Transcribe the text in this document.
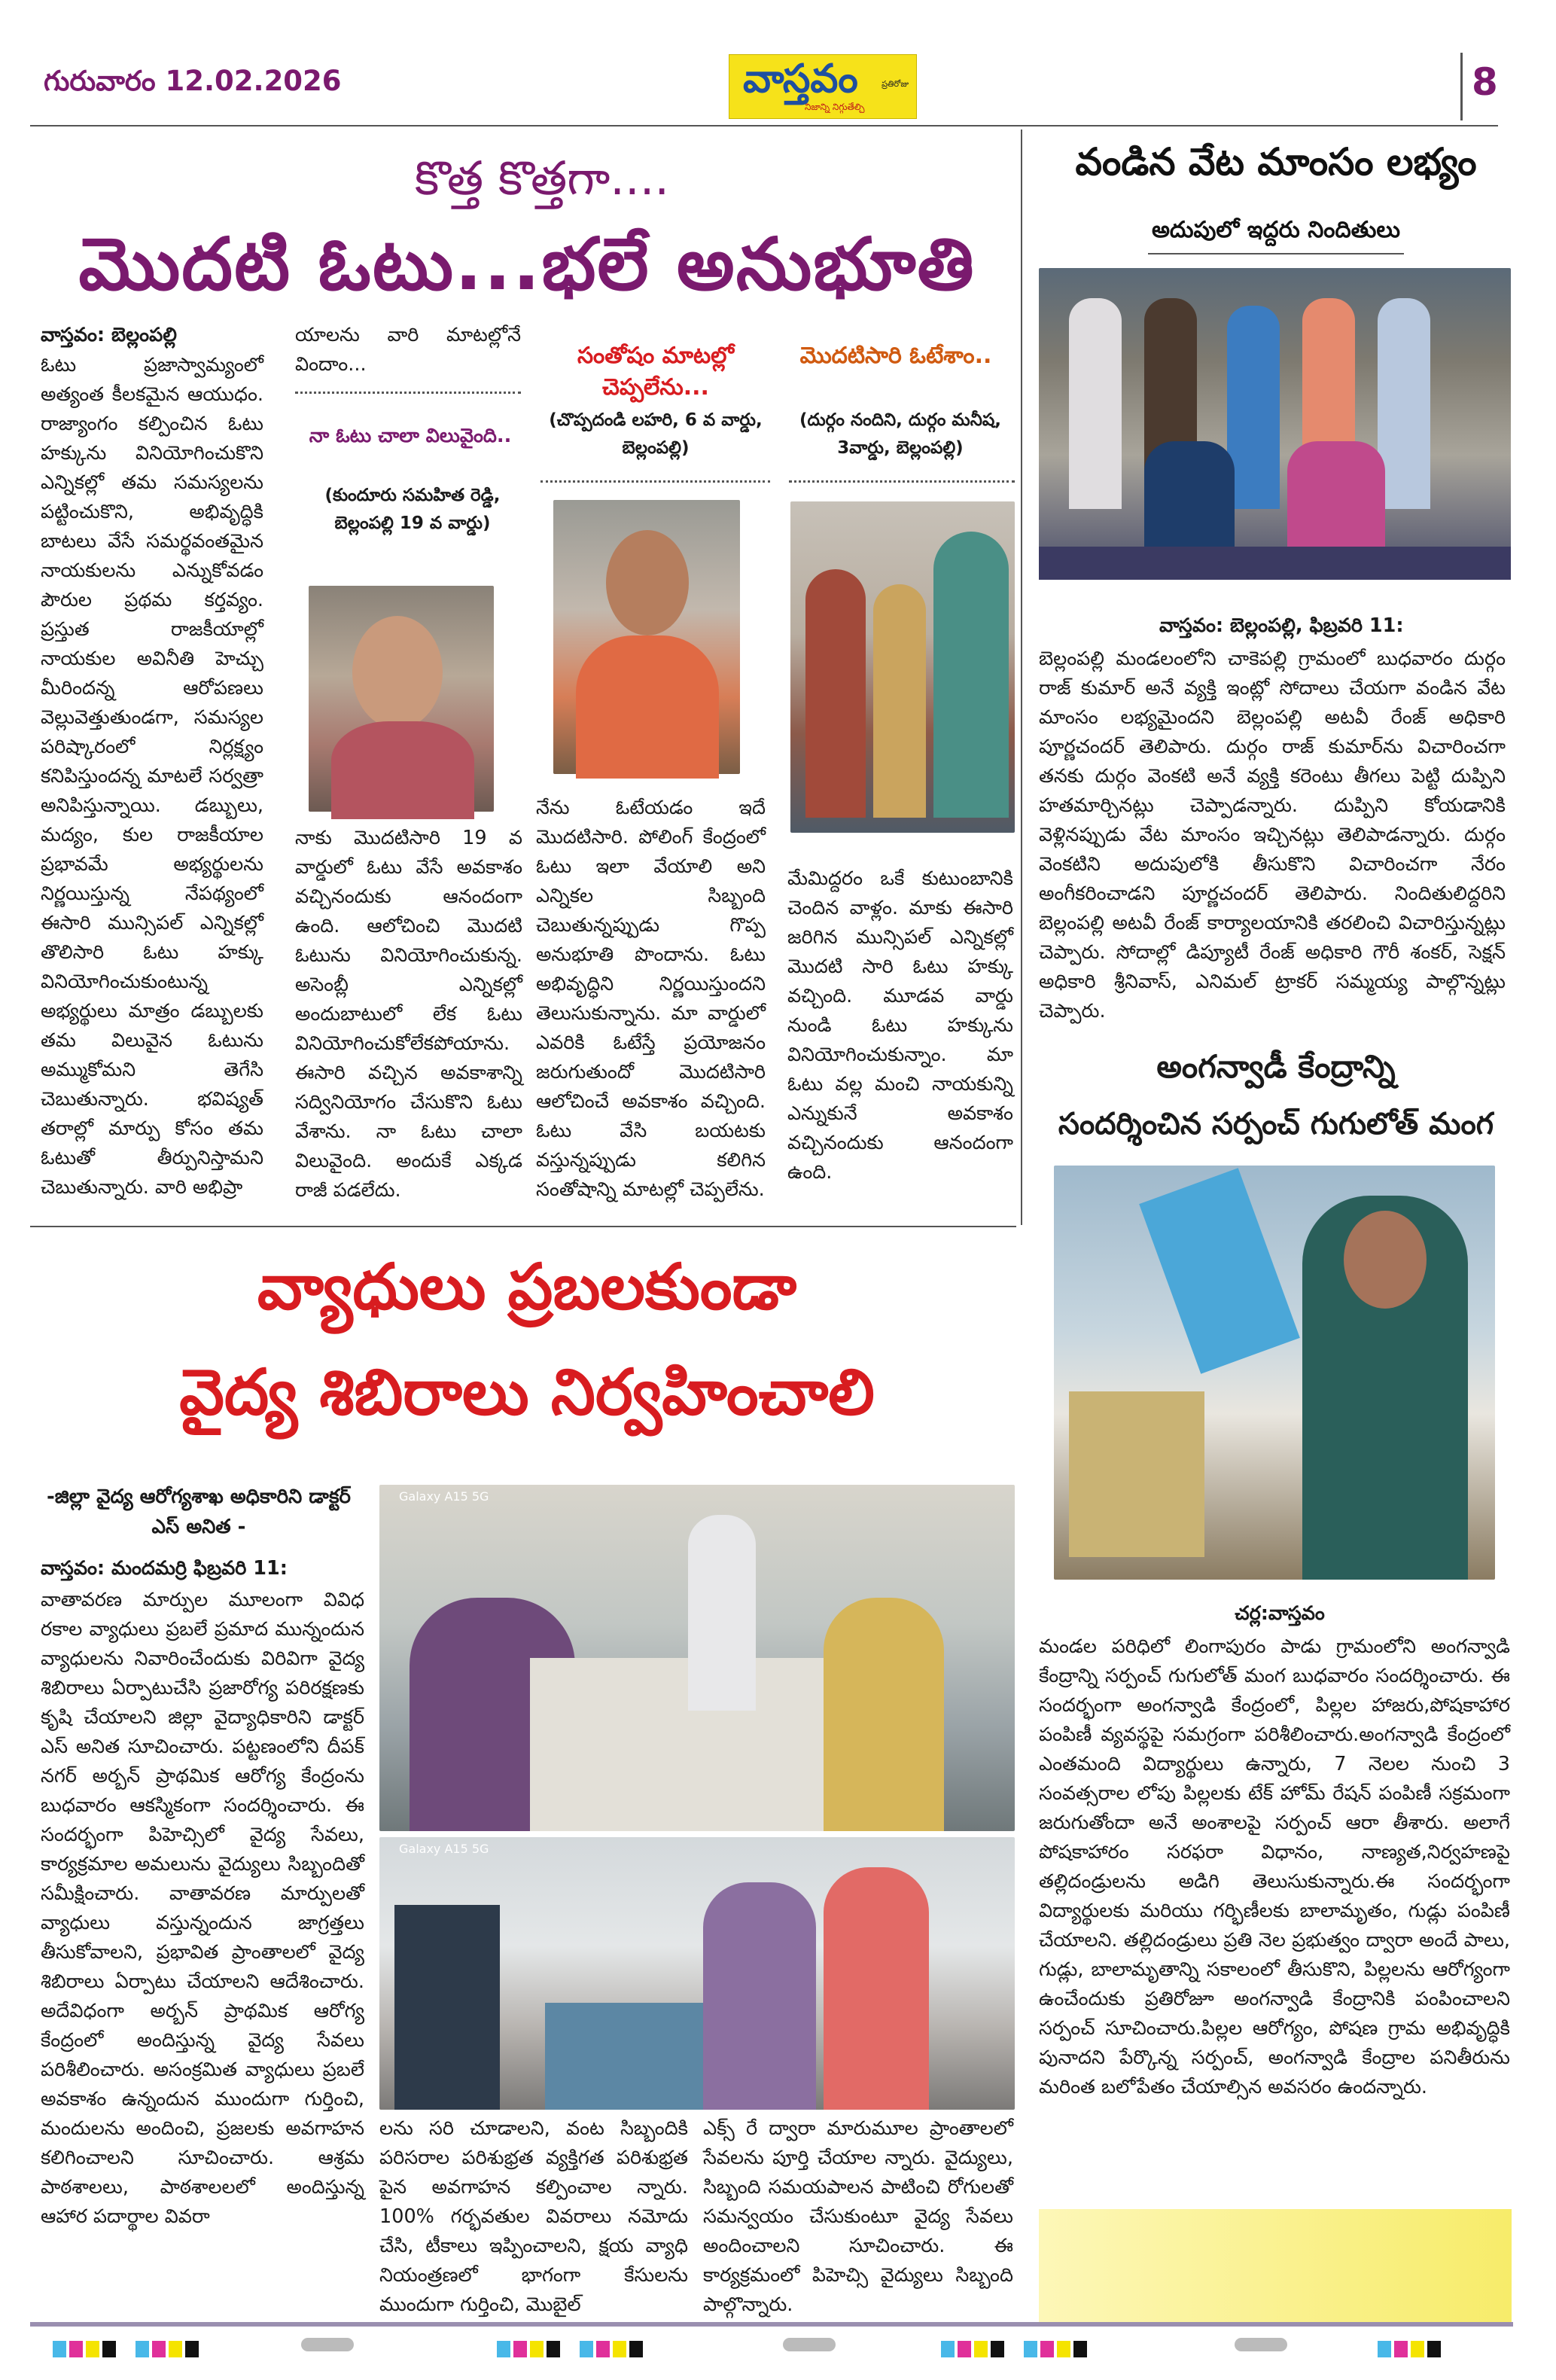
గురువారం 12.02.2026	వాస్తవం	ప్రతిరోజు
నిజాన్ని నిగ్గుతేల్చి
8
కొత్త కొత్తగా....
మొదటి ఓటు...భలే అనుభూతి
వాస్తవం: బెల్లంపల్లి
ఓటు ప్రజాస్వామ్యంలో అత్యంత కీలకమైన ఆయుధం. రాజ్యాంగం కల్పించిన ఓటు హక్కును వినియోగించుకొని ఎన్నికల్లో తమ సమస్యలను పట్టించుకొని, అభివృద్ధికి బాటలు వేసే సమర్థవంతమైన నాయకులను ఎన్నుకోవడం పౌరుల ప్రథమ కర్తవ్యం. ప్రస్తుత రాజకీయాల్లో నాయకుల అవినీతి హెచ్చు మీరిందన్న ఆరోపణలు వెల్లువెత్తుతుండగా, సమస్యల పరిష్కారంలో నిర్లక్ష్యం కనిపిస్తుందన్న మాటలే సర్వత్రా అనిపిస్తున్నాయి. డబ్బులు, మద్యం, కుల రాజకీయాల ప్రభావమే అభ్యర్థులను నిర్ణయిస్తున్న నేపథ్యంలో ఈసారి మున్సిపల్ ఎన్నికల్లో తొలిసారి ఓటు హక్కు వినియోగించుకుంటున్న అభ్యర్థులు మాత్రం డబ్బులకు తమ విలువైన ఓటును అమ్ముకోమని తెగేసి చెబుతున్నారు. భవిష్యత్ తరాల్లో మార్పు కోసం తమ ఓటుతో తీర్పునిస్తామని చెబుతున్నారు. వారి అభిప్రా
యాలను వారి మాటల్లోనే విందాం...
నా ఓటు చాలా విలువైంది..
(కుందూరు సమహిత రెడ్డి, బెల్లంపల్లి 19 వ వార్డు)
నాకు మొదటిసారి 19 వ వార్డులో ఓటు వేసే అవకాశం వచ్చినందుకు ఆనందంగా ఉంది. ఆలోచించి మొదటి ఓటును వినియోగించుకున్న. అసెంబ్లీ ఎన్నికల్లో అందుబాటులో లేక ఓటు వినియోగించుకోలేకపోయాను. ఈసారి వచ్చిన అవకాశాన్ని సద్వినియోగం చేసుకొని ఓటు వేశాను. నా ఓటు చాలా విలువైంది. అందుకే ఎక్కడ రాజీ పడలేదు.
సంతోషం మాటల్లో చెప్పలేను...
(చొప్పదండి లహరి, 6 వ వార్డు, బెల్లంపల్లి)
నేను ఓటేయడం ఇదే మొదటిసారి. పోలింగ్ కేంద్రంలో ఓటు ఇలా వేయాలి అని ఎన్నికల సిబ్బంది చెబుతున్నప్పుడు గొప్ప అనుభూతి పొందాను. ఓటు అభివృద్ధిని నిర్ణయిస్తుందని తెలుసుకున్నాను. మా వార్డులో ఎవరికి ఓటేస్తే ప్రయోజనం జరుగుతుందో మొదటిసారి ఆలోచించే అవకాశం వచ్చింది. ఓటు వేసి బయటకు వస్తున్నప్పుడు కలిగిన సంతోషాన్ని మాటల్లో చెప్పలేను.
మొదటిసారి ఓటేశాం..
(దుర్గం నందిని, దుర్గం మనీష, 3వార్డు, బెల్లంపల్లి)
మేమిద్దరం ఒకే కుటుంబానికి చెందిన వాళ్లం. మాకు ఈసారి జరిగిన మున్సిపల్ ఎన్నికల్లో మొదటి సారి ఓటు హక్కు వచ్చింది. మూడవ వార్డు నుండి ఓటు హక్కును వినియోగించుకున్నాం. మా ఓటు వల్ల మంచి నాయకున్ని ఎన్నుకునే అవకాశం వచ్చినందుకు ఆనందంగా ఉంది.
వండిన వేట మాంసం లభ్యం
అదుపులో ఇద్దరు నిందితులు
వాస్తవం: బెల్లంపల్లి, ఫిబ్రవరి 11:
బెల్లంపల్లి మండలంలోని చాకెపల్లి గ్రామంలో బుధవారం దుర్గం రాజ్ కుమార్ అనే వ్యక్తి ఇంట్లో సోదాలు చేయగా వండిన వేట మాంసం లభ్యమైందని బెల్లంపల్లి అటవీ రేంజ్ అధికారి పూర్ణచందర్ తెలిపారు. దుర్గం రాజ్ కుమార్‌ను విచారించగా తనకు దుర్గం వెంకటి అనే వ్యక్తి కరెంటు తీగలు పెట్టి దుప్పిని హతమార్చినట్లు చెప్పాడన్నారు. దుప్పిని కోయడానికి వెళ్లినప్పుడు వేట మాంసం ఇచ్చినట్లు తెలిపాడన్నారు. దుర్గం వెంకటిని అదుపులోకి తీసుకొని విచారించగా నేరం అంగీకరించాడని పూర్ణచందర్ తెలిపారు. నిందితులిద్దరిని బెల్లంపల్లి అటవీ రేంజ్ కార్యాలయానికి తరలించి విచారిస్తున్నట్లు చెప్పారు. సోదాల్లో డిప్యూటీ రేంజ్ అధికారి గౌరీ శంకర్, సెక్షన్ అధికారి శ్రీనివాస్, ఎనిమల్ ట్రాకర్ సమ్మయ్య పాల్గొన్నట్లు చెప్పారు.
అంగన్వాడీ కేంద్రాన్ని
సందర్శించిన సర్పంచ్ గుగులోత్ మంగ
చర్ల:వాస్తవం
మండల పరిధిలో లింగాపురం పాడు గ్రామంలోని అంగన్వాడి కేంద్రాన్ని సర్పంచ్ గుగులోత్ మంగ బుధవారం సందర్శించారు. ఈ సందర్భంగా అంగన్వాడి కేంద్రంలో, పిల్లల హాజరు,పోషకాహార పంపిణీ వ్యవస్థపై సమగ్రంగా పరిశీలించారు.అంగన్వాడి కేంద్రంలో ఎంతమంది విద్యార్థులు ఉన్నారు, 7 నెలల నుంచి 3 సంవత్సరాల లోపు పిల్లలకు టేక్ హోమ్ రేషన్ పంపిణీ సక్రమంగా జరుగుతోందా అనే అంశాలపై సర్పంచ్ ఆరా తీశారు. అలాగే పోషకాహారం సరఫరా విధానం, నాణ్యత,నిర్వహణపై తల్లిదండ్రులను అడిగి తెలుసుకున్నారు.ఈ సందర్భంగా విద్యార్థులకు మరియు గర్భిణీలకు బాలామృతం, గుడ్లు పంపిణీ చేయాలని. తల్లిదండ్రులు ప్రతి నెల ప్రభుత్వం ద్వారా అందే పాలు, గుడ్లు, బాలామృతాన్ని సకాలంలో తీసుకొని, పిల్లలను ఆరోగ్యంగా ఉంచేందుకు ప్రతిరోజూ అంగన్వాడి కేంద్రానికి పంపించాలని సర్పంచ్ సూచించారు.పిల్లల ఆరోగ్యం, పోషణ గ్రామ అభివృద్ధికి పునాదని పేర్కొన్న సర్పంచ్, అంగన్వాడి కేంద్రాల పనితీరును మరింత బలోపేతం చేయాల్సిన అవసరం ఉందన్నారు.
వ్యాధులు ప్రబలకుండా
వైద్య శిబిరాలు నిర్వహించాలి
-జిల్లా వైద్య ఆరోగ్యశాఖ అధికారిని డాక్టర్ ఎస్ అనిత -
వాస్తవం: మందమర్రి ఫిబ్రవరి 11:
వాతావరణ మార్పుల మూలంగా వివిధ రకాల వ్యాధులు ప్రబలే ప్రమాద మున్నందున వ్యాధులను నివారించేందుకు విరివిగా వైద్య శిబిరాలు ఏర్పాటుచేసి ప్రజారోగ్య పరిరక్షణకు కృషి చేయాలని జిల్లా వైద్యాధికారిని డాక్టర్ ఎస్ అనిత సూచించారు. పట్టణంలోని దీపక్ నగర్ అర్బన్ ప్రాథమిక ఆరోగ్య కేంద్రంను బుధవారం ఆకస్మికంగా సందర్శించారు. ఈ సందర్భంగా పిహెచ్సిలో వైద్య సేవలు, కార్యక్రమాల అమలును వైద్యులు సిబ్బందితో సమీక్షించారు. వాతావరణ మార్పులతో వ్యాధులు వస్తున్నందున జాగ్రత్తలు తీసుకోవాలని, ప్రభావిత ప్రాంతాలలో వైద్య శిబిరాలు ఏర్పాటు చేయాలని ఆదేశించారు. అదేవిధంగా అర్బన్ ప్రాథమిక ఆరోగ్య కేంద్రంలో అందిస్తున్న వైద్య సేవలు పరిశీలించారు. అసంక్రమిత వ్యాధులు ప్రబలే అవకాశం ఉన్నందున ముందుగా గుర్తించి, మందులను అందించి, ప్రజలకు అవగాహన కలిగించాలని సూచించారు. ఆశ్రమ పాఠశాలలు, పాఠశాలలలో అందిస్తున్న ఆహార పదార్థాల వివరా
Galaxy A15 5G
Galaxy A15 5G
లను సరి చూడాలని, వంట సిబ్బందికి పరిసరాల పరిశుభ్రత వ్యక్తిగత పరిశుభ్రత పైన అవగాహన కల్పించాల న్నారు. 100% గర్భవతుల వివరాలు నమోదు చేసి, టీకాలు ఇప్పించాలని, క్షయ వ్యాధి నియంత్రణలో భాగంగా కేసులను ముందుగా గుర్తించి, మొబైల్
ఎక్స్ రే ద్వారా మారుమూల ప్రాంతాలలో సేవలను పూర్తి చేయాల న్నారు. వైద్యులు, సిబ్బంది సమయపాలన పాటించి రోగులతో సమన్వయం చేసుకుంటూ వైద్య సేవలు అందించాలని సూచించారు. ఈ కార్యక్రమంలో పిహెచ్సి వైద్యులు సిబ్బంది పాల్గొన్నారు.
